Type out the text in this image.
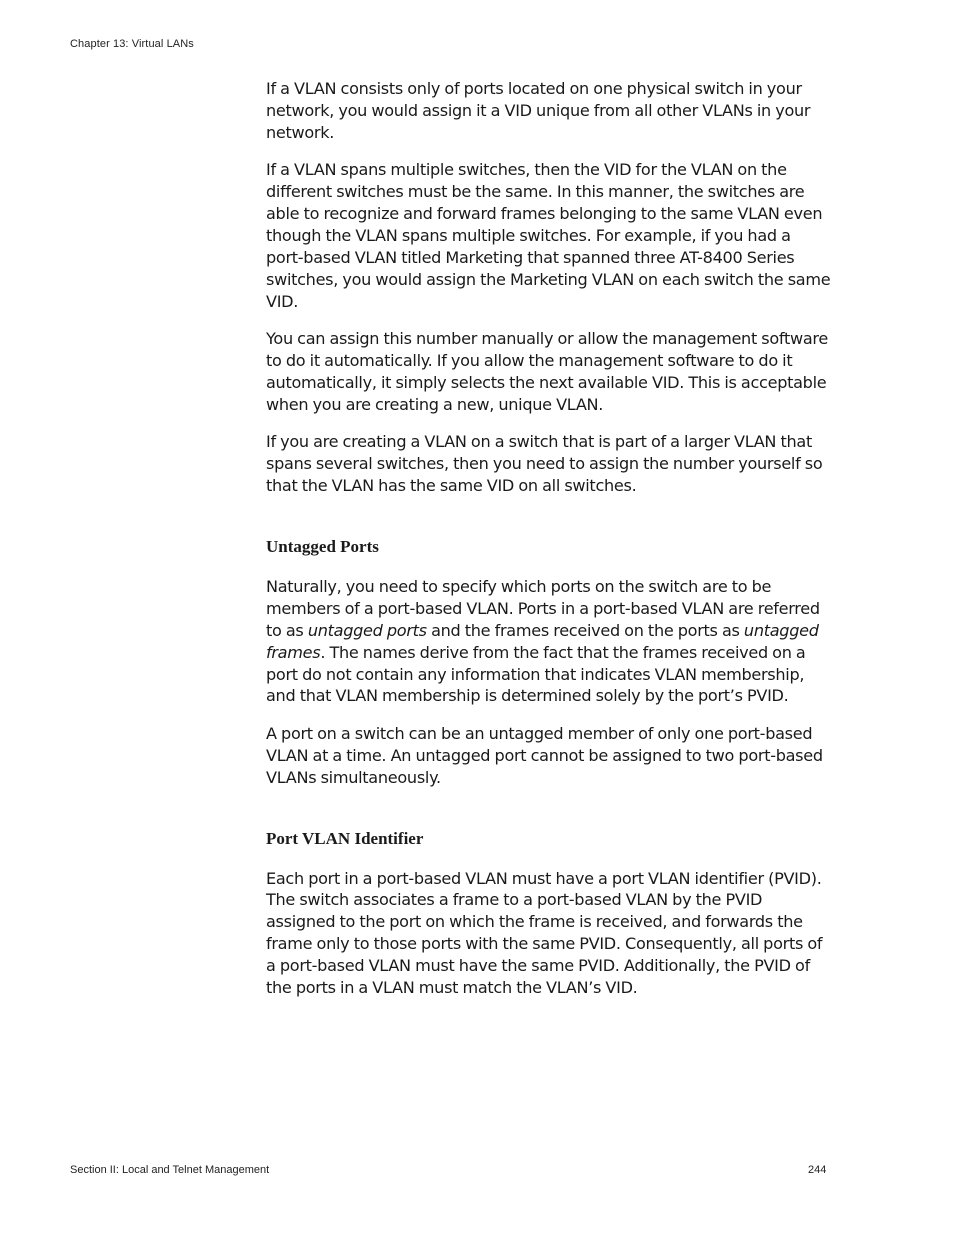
Chapter 13: Virtual LANs

If a VLAN consists only of ports located on one physical switch in your network, you would assign it a VID unique from all other VLANs in your network.

If a VLAN spans multiple switches, then the VID for the VLAN on the different switches must be the same. In this manner, the switches are able to recognize and forward frames belonging to the same VLAN even though the VLAN spans multiple switches. For example, if you had a port-based VLAN titled Marketing that spanned three AT-8400 Series switches, you would assign the Marketing VLAN on each switch the same VID.

You can assign this number manually or allow the management software to do it automatically. If you allow the management software to do it automatically, it simply selects the next available VID. This is acceptable when you are creating a new, unique VLAN.

If you are creating a VLAN on a switch that is part of a larger VLAN that spans several switches, then you need to assign the number yourself so that the VLAN has the same VID on all switches.

Untagged Ports

Naturally, you need to specify which ports on the switch are to be members of a port-based VLAN. Ports in a port-based VLAN are referred to as untagged ports and the frames received on the ports as untagged frames. The names derive from the fact that the frames received on a port do not contain any information that indicates VLAN membership, and that VLAN membership is determined solely by the port’s PVID.

A port on a switch can be an untagged member of only one port-based VLAN at a time. An untagged port cannot be assigned to two port-based VLANs simultaneously.

Port VLAN Identifier

Each port in a port-based VLAN must have a port VLAN identifier (PVID). The switch associates a frame to a port-based VLAN by the PVID assigned to the port on which the frame is received, and forwards the frame only to those ports with the same PVID. Consequently, all ports of a port-based VLAN must have the same PVID. Additionally, the PVID of the ports in a VLAN must match the VLAN’s VID.

Section II: Local and Telnet Management	244
